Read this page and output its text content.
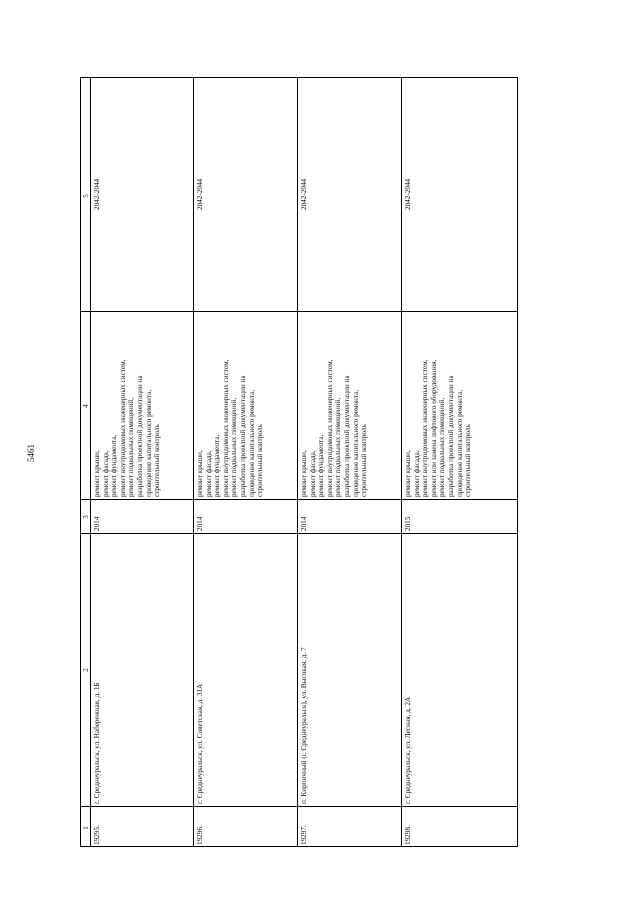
5461
1
2
3
4
5
19295.
г. Среднеуральск, ул. Набережная, д. 1Б
2014
ремонт крыши,
ремонт фасада,
ремонт фундамента,
ремонт внутридомовых инженерных систем,
ремонт подвальных помещений,
разработка проектной документации на
проведение капитального ремонта,
строительный контроль
2042-2044
19296.
г. Среднеуральск, ул. Советская, д. 31А
2014
ремонт крыши,
ремонт фасада,
ремонт фундамента,
ремонт внутридомовых инженерных систем,
ремонт подвальных помещений,
разработка проектной документации на
проведение капитального ремонта,
строительный контроль
2042-2044
19297.
п. Кирпичный (г. Среднеуральск), ул. Высокая, д. 7
2014
ремонт крыши,
ремонт фасада,
ремонт фундамента,
ремонт внутридомовых инженерных систем,
ремонт подвальных помещений,
разработка проектной документации на
проведение капитального ремонта,
строительный контроль
2042-2044
19298.
г. Среднеуральск, ул. Лесная, д. 2А
2015
ремонт крыши,
ремонт фасада,
ремонт внутридомовых инженерных систем,
ремонт или замена лифтового оборудования,
ремонт подвальных помещений,
разработка проектной документации на
проведение капитального ремонта,
строительный контроль
2042-2044
